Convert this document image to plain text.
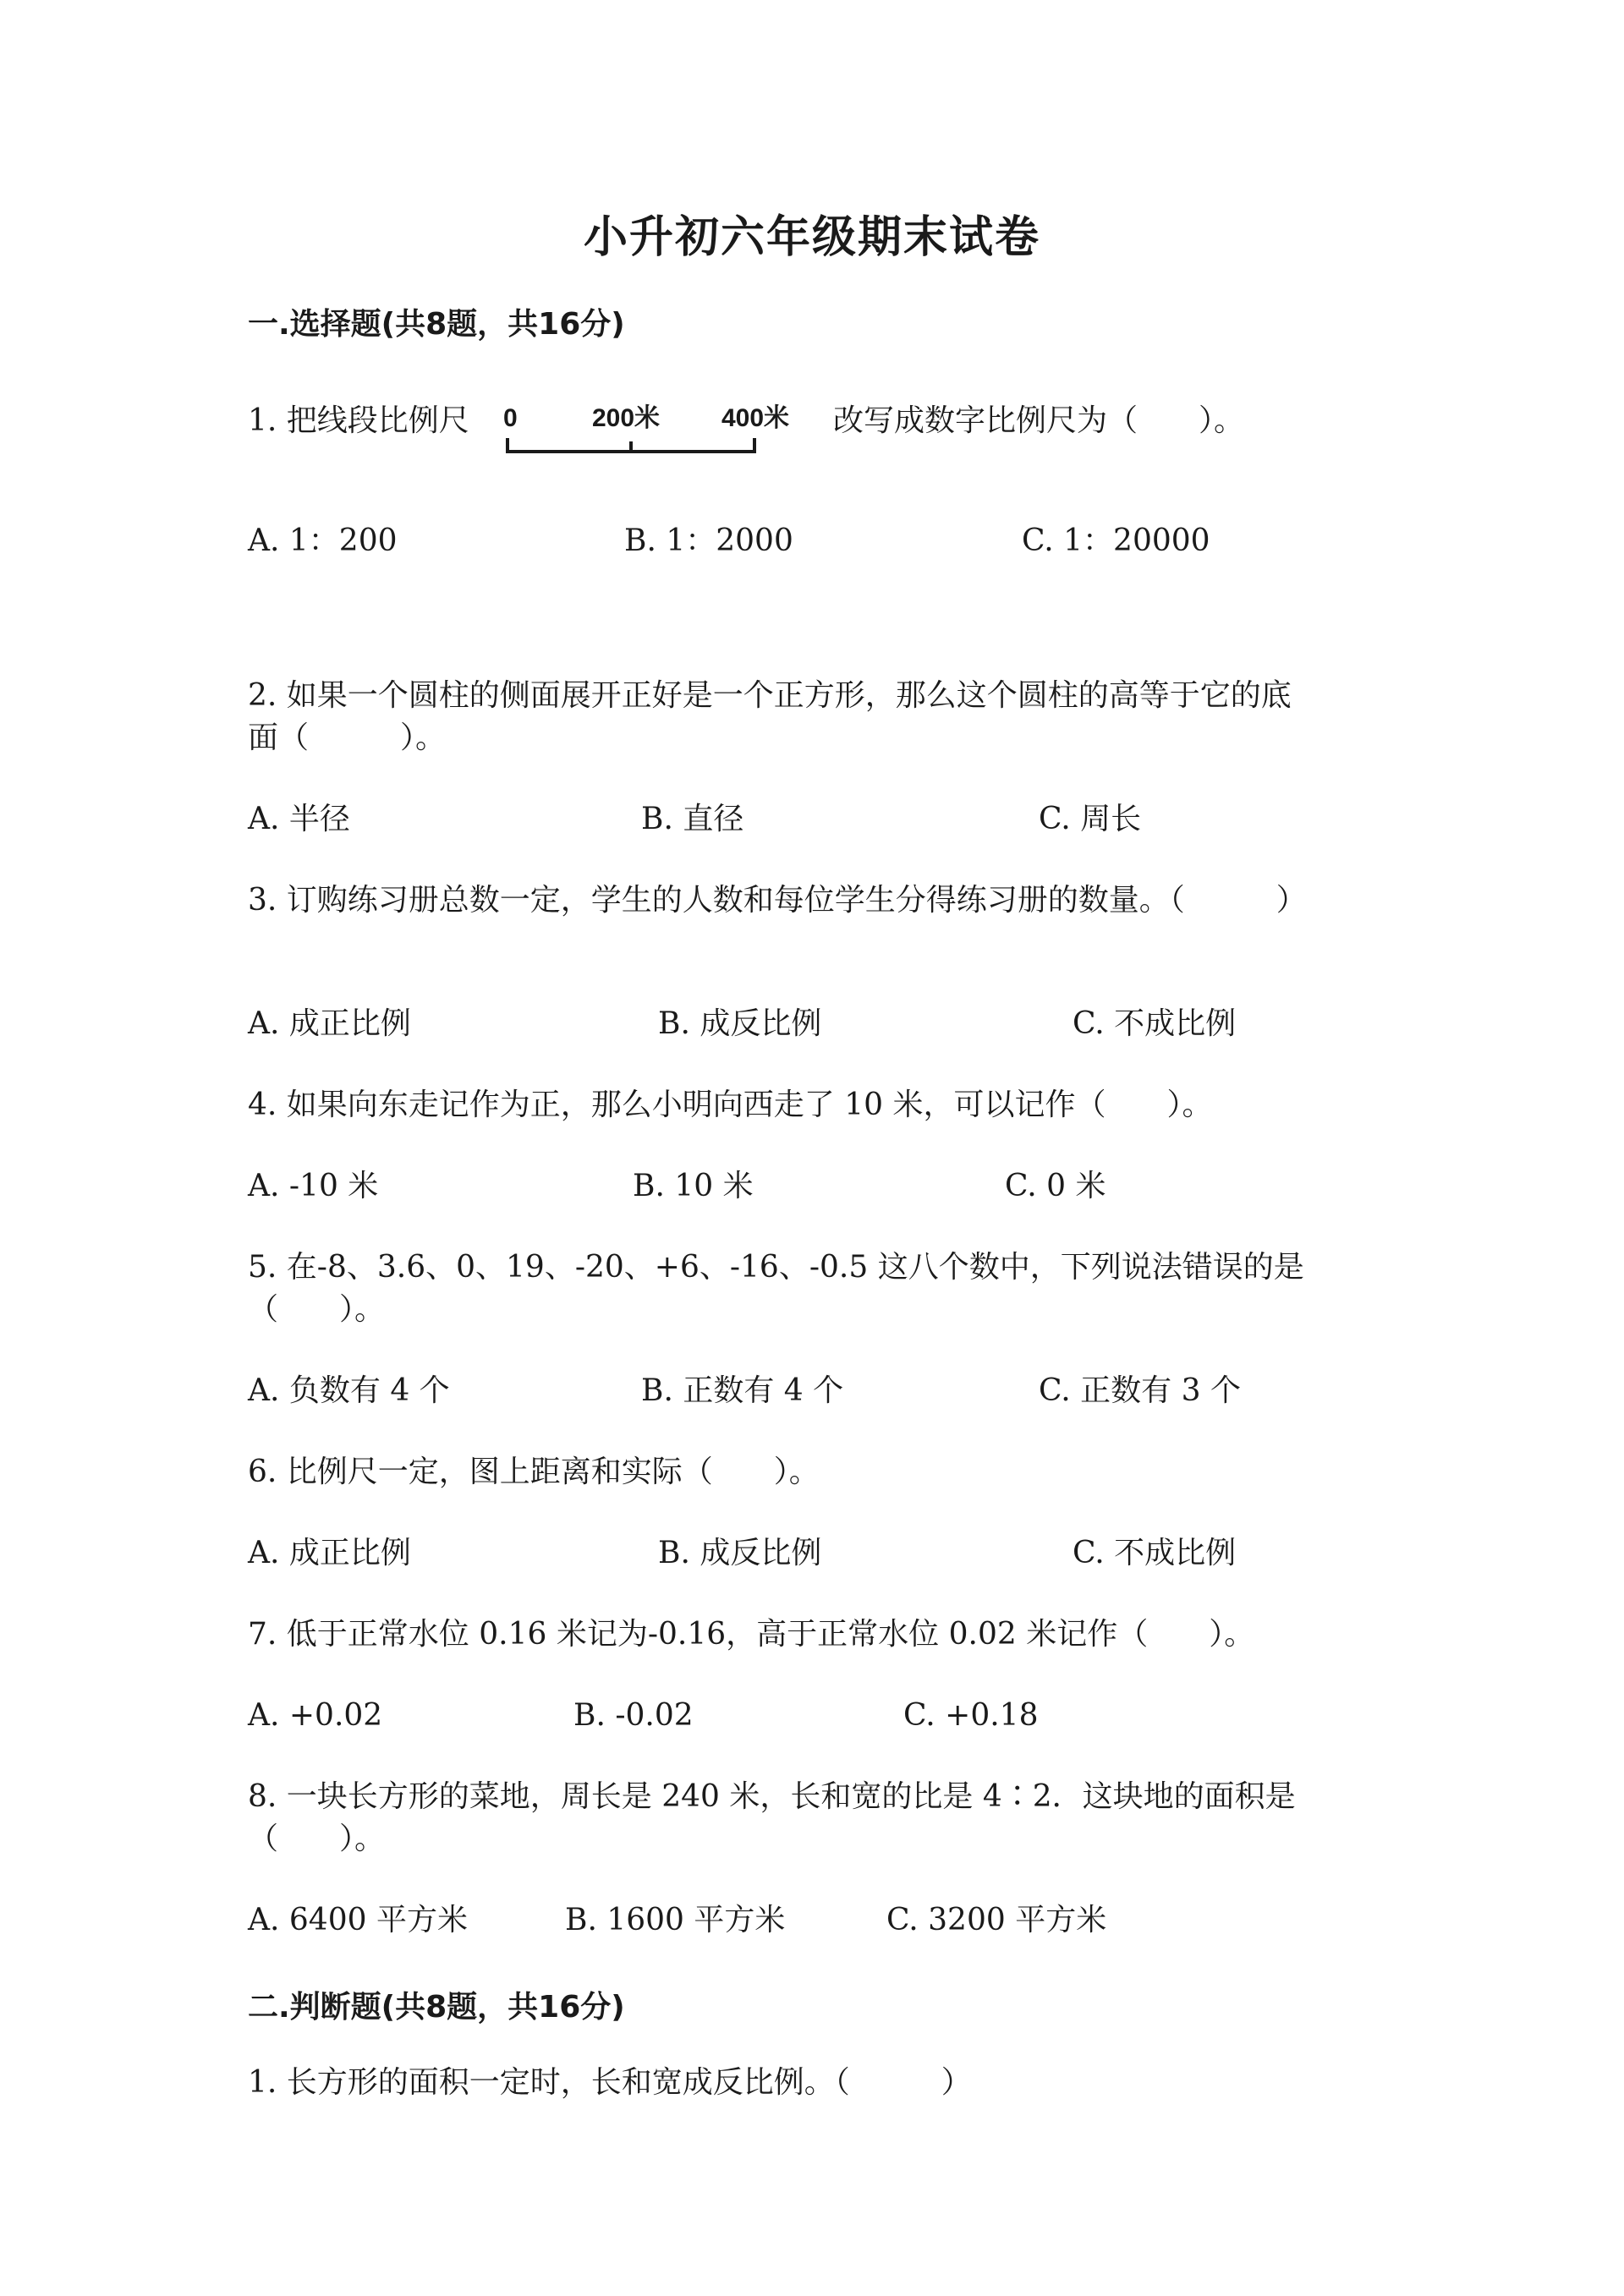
小升初六年级期末试卷
一.选择题(共8题，共16分)
1. 把线段比例尺 0	200米 400米 改写成数字比例尺为（　　）。
A. 1：200	B. 1：2000	C. 1：20000
2. 如果一个圆柱的侧面展开正好是一个正方形，那么这个圆柱的高等于它的底
面（　　　）。
A. 半径	B. 直径	C. 周长
3. 订购练习册总数一定，学生的人数和每位学生分得练习册的数量。（　　　）
A. 成正比例	B. 成反比例	C. 不成比例
4. 如果向东走记作为正，那么小明向西走了 10 米，可以记作（　　）。
A. -10 米	B. 10 米	C. 0 米
5. 在-8、3.6、0、19、-20、+6、-16、-0.5 这八个数中，下列说法错误的是
（　　）。
A. 负数有 4 个	B. 正数有 4 个	C. 正数有 3 个
6. 比例尺一定，图上距离和实际（　　）。
A. 成正比例	B. 成反比例	C. 不成比例
7. 低于正常水位 0.16 米记为-0.16，高于正常水位 0.02 米记作（　　）。
A. +0.02	B. -0.02	C. +0.18
8. 一块长方形的菜地，周长是 240 米，长和宽的比是 4∶2．这块地的面积是
（　　）。
A. 6400 平方米	B. 1600 平方米	C. 3200 平方米
二.判断题(共8题，共16分)
1. 长方形的面积一定时，长和宽成反比例。（　　　）
